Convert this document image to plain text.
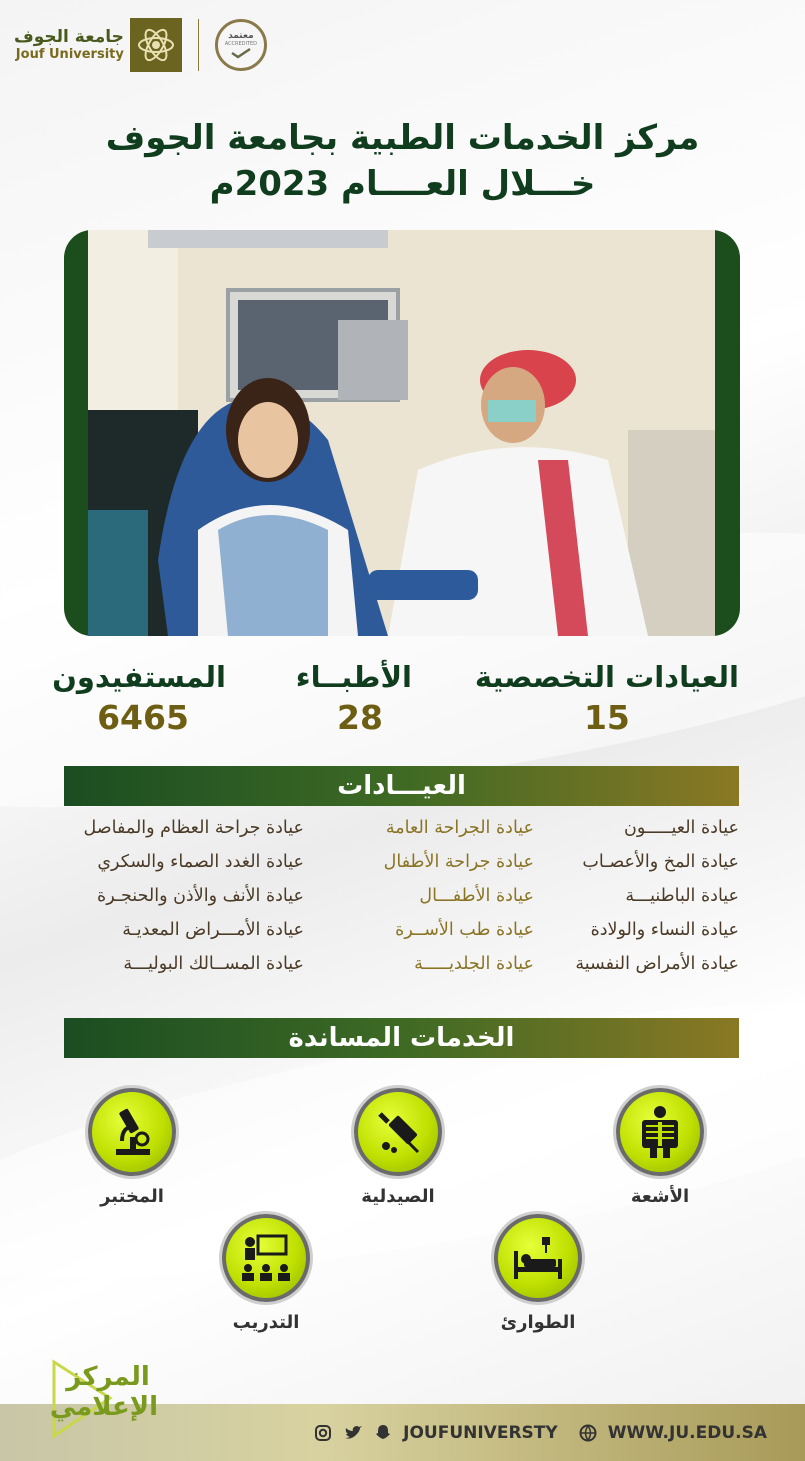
جامعة الجوف
Jouf University
معتمد
ACCREDITED
مركز الخدمات الطبية بجامعة الجوف
خـــلال العــــام 2023م
العيادات التخصصية
15
الأطبــاء
28
المستفيدون
6465
العيـــادات
عيادة العيـــــون
عيادة المخ والأعصـاب
عيادة الباطنيـــة
عيادة النساء والولادة
عيادة الأمراض النفسية
عيادة الجراحة العامة
عيادة جراحة الأطفال
عيادة الأطفـــال
عيادة طب الأســرة
عيادة الجلديـــــة
عيادة جراحة العظام والمفاصل
عيادة الغدد الصماء والسكري
عيادة الأنف والأذن والحنجـرة
عيادة الأمـــراض المعديـة
عيادة المســالك البوليـــة
الخدمات المساندة
الأشعة
الصيدلية
المختبر
الطوارئ
التدريب
المركز
الإعلامي
JOUFUNIVERSTY	WWW.JU.EDU.SA
